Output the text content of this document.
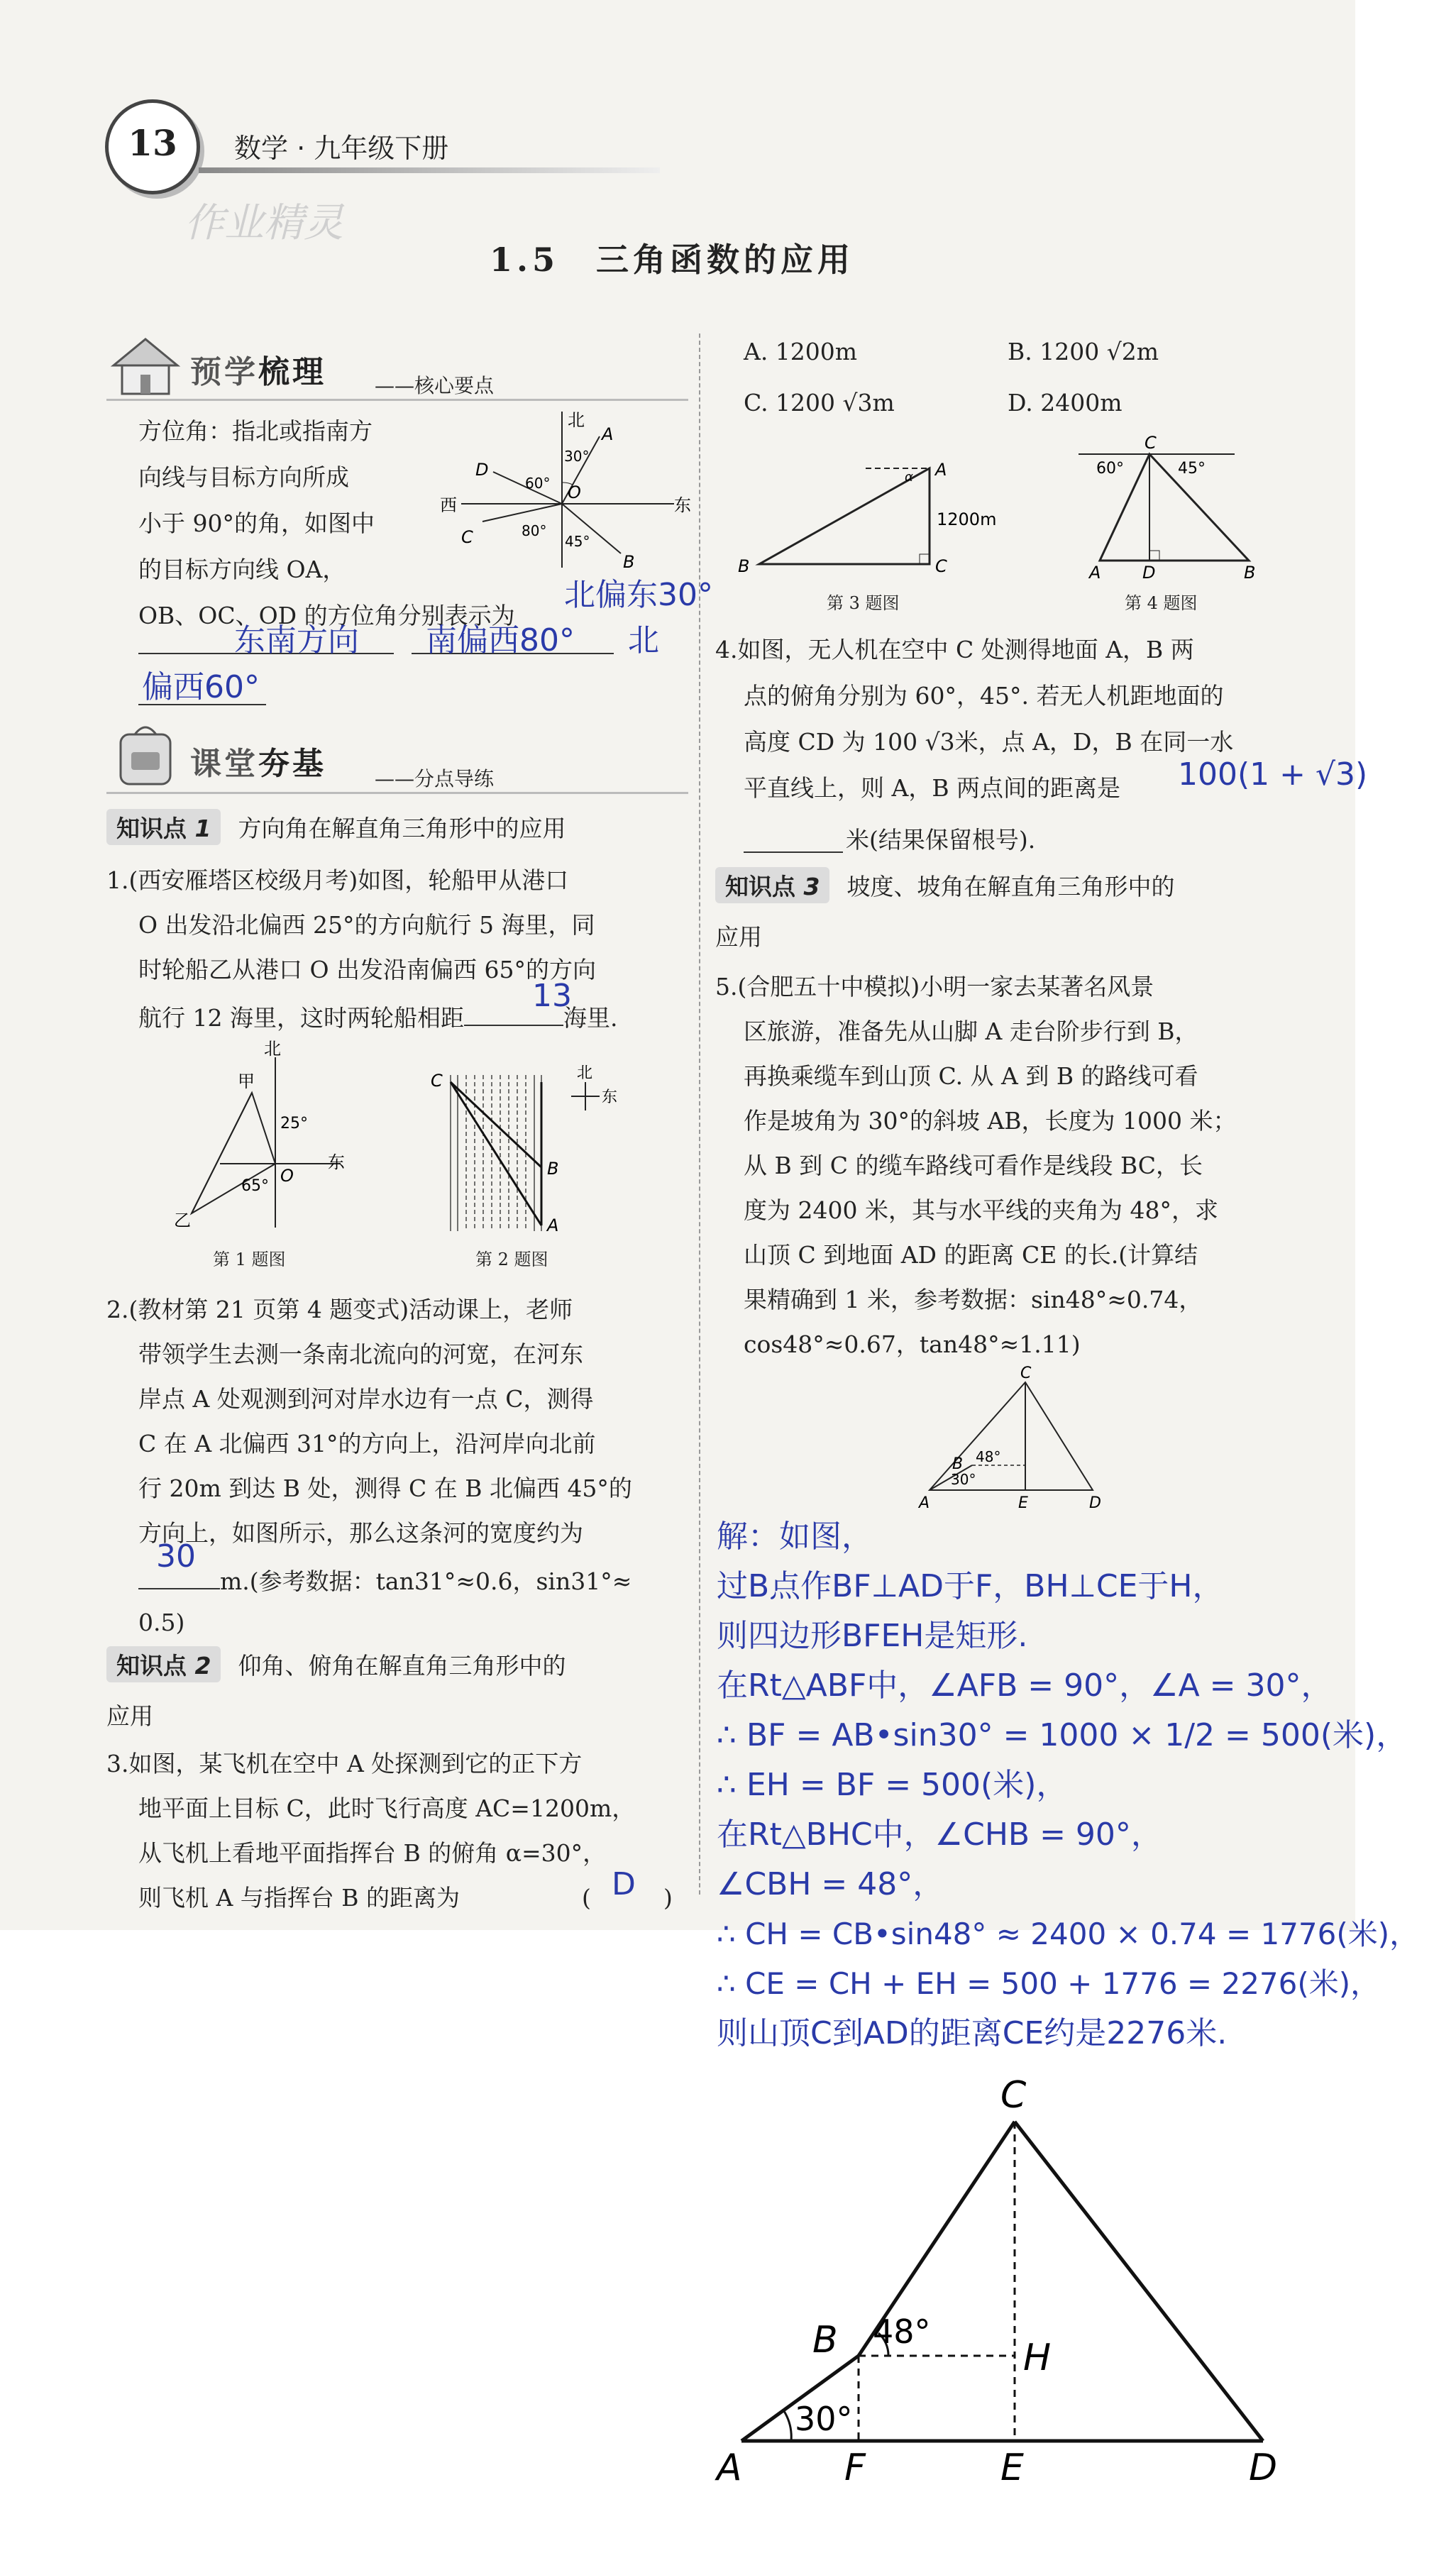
13	数学 · 九年级下册
作业精灵
1.5　三角函数的应用
预学梳理 ——核心要点
方位角：指北或指南方
向线与目标方向所成
小于 90°的角，如图中
的目标方向线 OA，
OB、OC、OD 的方位角分别表示为
北偏东30°
东南方向 南偏西80° 北
偏西60°
北
东
西
A
D
C
B
O
30°
60°
80°
45°
课堂夯基 ——分点导练
知识点 1 方向角在解直角三角形中的应用
1.(西安雁塔区校级月考)如图，轮船甲从港口
O 出发沿北偏西 25°的方向航行 5 海里，同
时轮船乙从港口 O 出发沿南偏西 65°的方向
航行 12 海里，这时两轮船相距	海里.
13
北
东
甲
乙
O
25°
65°
第 1 题图
C
B
A
北
东
第 2 题图
2.(教材第 21 页第 4 题变式)活动课上，老师
带领学生去测一条南北流向的河宽，在河东
岸点 A 处观测到河对岸水边有一点 C，测得
C 在 A 北偏西 31°的方向上，沿河岸向北前
行 20m 到达 B 处，测得 C 在 B 北偏西 45°的
方向上，如图所示，那么这条河的宽度约为
m.(参考数据：tan31°≈0.6，sin31°≈
30
0.5)
知识点 2 仰角、俯角在解直角三角形中的
应用
3.如图，某飞机在空中 A 处探测到它的正下方
地平面上目标 C，此时飞行高度 AC=1200m，
从飞机上看地平面指挥台 B 的俯角 α=30°，
则飞机 A 与指挥台 B 的距离为	( D )
A. 1200m	B. 1200 √2m
C. 1200 √3m	D. 2400m
α A
B	C
1200m
第 3 题图
C
60°	45°
A D	B
第 4 题图
4.如图，无人机在空中 C 处测得地面 A，B 两
点的俯角分别为 60°，45°. 若无人机距地面的
高度 CD 为 100 √3米，点 A，D，B 在同一水
平直线上，则 A，B 两点间的距离是 100(1 + √3)
米(结果保留根号).
知识点 3 坡度、坡角在解直角三角形中的
应用
5.(合肥五十中模拟)小明一家去某著名风景
区旅游，准备先从山脚 A 走台阶步行到 B，
再换乘缆车到山顶 C. 从 A 到 B 的路线可看
作是坡角为 30°的斜坡 AB，长度为 1000 米；
从 B 到 C 的缆车路线可看作是线段 BC，长
度为 2400 米，其与水平线的夹角为 48°，求
山顶 C 到地面 AD 的距离 CE 的长.(计算结
果精确到 1 米，参考数据：sin48°≈0.74，
cos48°≈0.67，tan48°≈1.11)
C
B
A	E	D
48°
30°
解：如图，
过B点作BF⊥AD于F，BH⊥CE于H，
则四边形BFEH是矩形.
在Rt△ABF中，∠AFB = 90°，∠A = 30°，
∴ BF = AB•sin30° = 1000 × 1/2 = 500(米)，
∴ EH = BF = 500(米)，
在Rt△BHC中，∠CHB = 90°，
∠CBH = 48°，
∴ CH = CB•sin48° ≈ 2400 × 0.74 = 1776(米)，
∴ CE = CH + EH = 500 + 1776 = 2276(米)，
则山顶C到AD的距离CE约是2276米.
C
B	H
A	F	E	D
48°
30°
